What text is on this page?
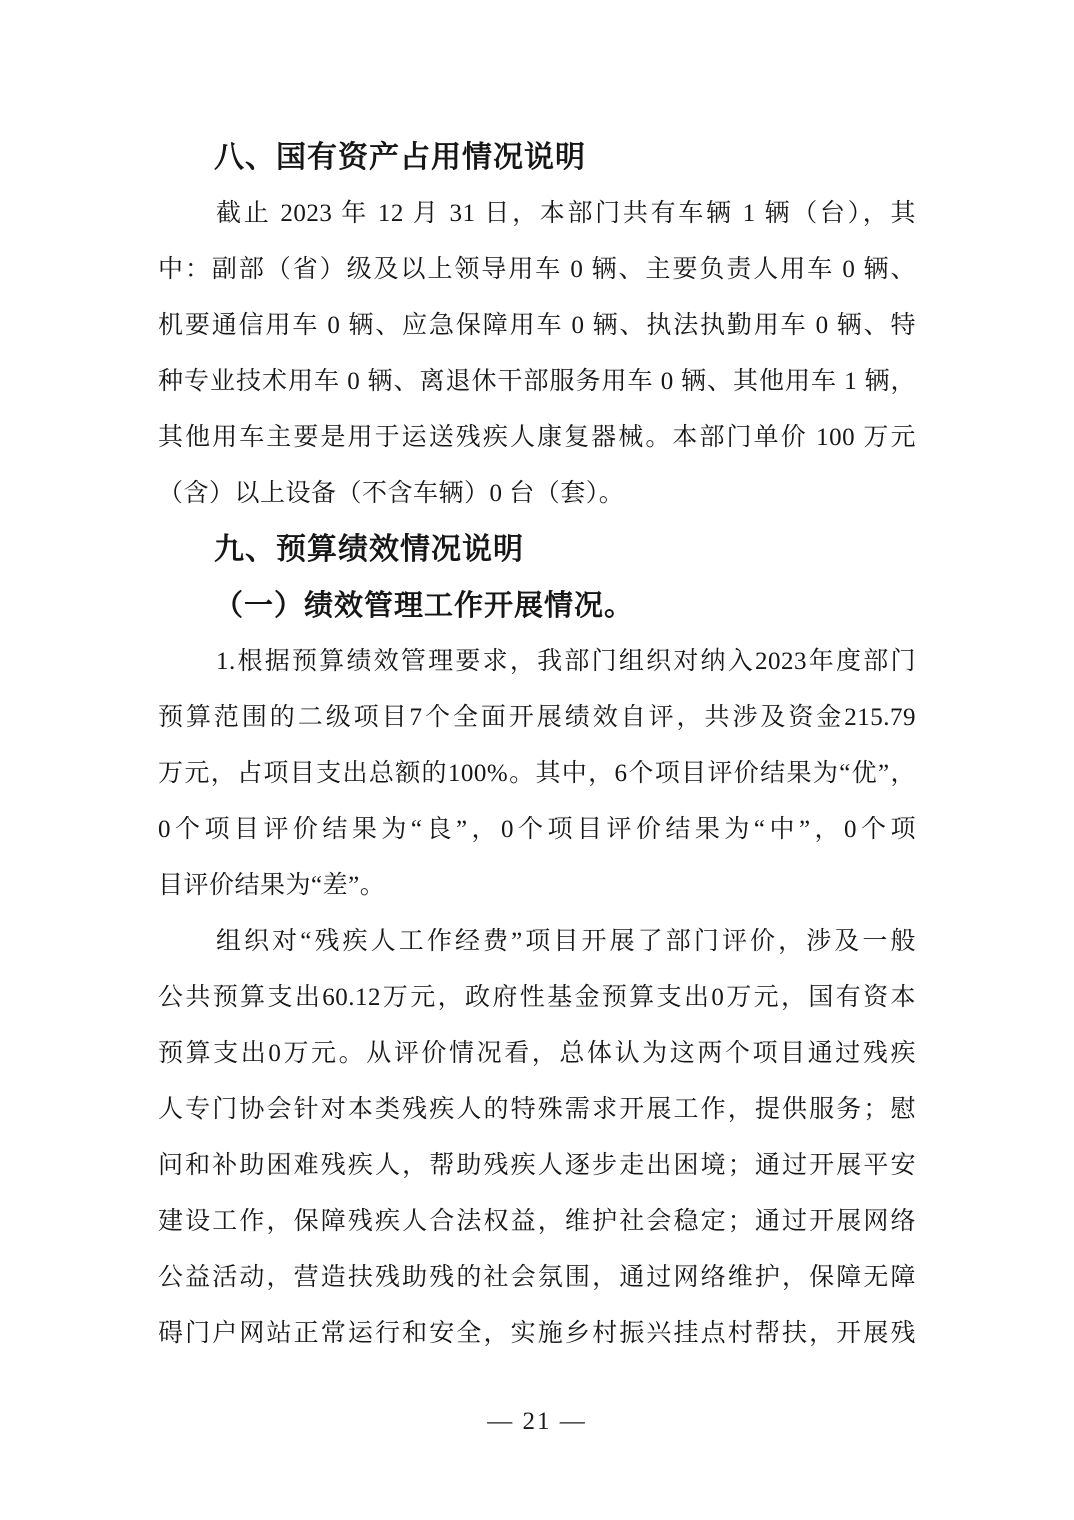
八、国有资产占用情况说明
截止 2023 年 12 月 31 日，本部门共有车辆 1 辆（台），其
中：副部（省）级及以上领导用车 0 辆、主要负责人用车 0 辆、
机要通信用车 0 辆、应急保障用车 0 辆、执法执勤用车 0 辆、特
种专业技术用车 0 辆、离退休干部服务用车 0 辆、其他用车 1 辆，
其他用车主要是用于运送残疾人康复器械。本部门单价 100 万元
（含）以上设备（不含车辆）0 台（套）。
九、预算绩效情况说明
（一）绩效管理工作开展情况。
1.根据预算绩效管理要求，我部门组织对纳入2023年度部门
预算范围的二级项目7个全面开展绩效自评，共涉及资金215.79
万元，占项目支出总额的100%。其中，6个项目评价结果为“优”，
0个项目评价结果为“良”，0个项目评价结果为“中”，0个项
目评价结果为“差”。
组织对“残疾人工作经费”项目开展了部门评价，涉及一般
公共预算支出60.12万元，政府性基金预算支出0万元，国有资本
预算支出0万元。从评价情况看，总体认为这两个项目通过残疾
人专门协会针对本类残疾人的特殊需求开展工作，提供服务；慰
问和补助困难残疾人，帮助残疾人逐步走出困境；通过开展平安
建设工作，保障残疾人合法权益，维护社会稳定；通过开展网络
公益活动，营造扶残助残的社会氛围，通过网络维护，保障无障
碍门户网站正常运行和安全，实施乡村振兴挂点村帮扶，开展残
— 21 —
